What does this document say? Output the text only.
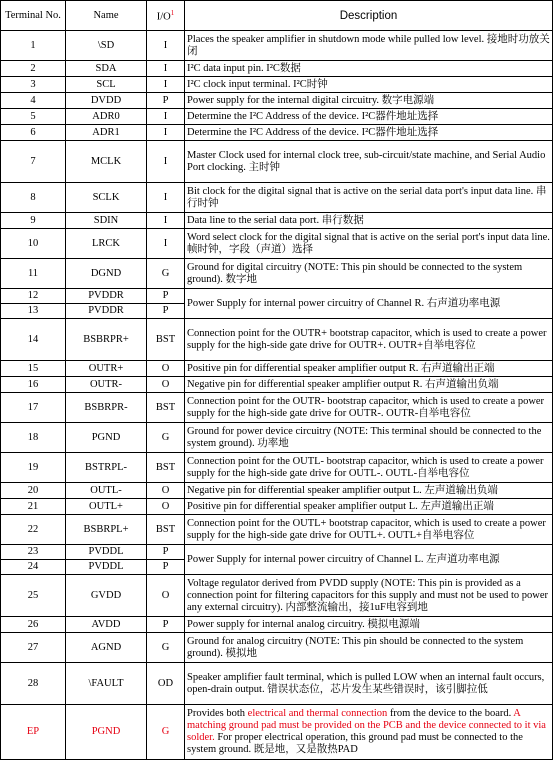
Terminal No.	Name	$I/O^1$	Description
1	\SD	I	Places the speaker amplifier in shutdown mode while pulled low level. 接地时功放关闭
2	SDA	I	I²C data input pin. I²C数据
3	SCL	I	I²C clock input terminal. I²C时钟
4	DVDD	P	Power supply for the internal digital circuitry. 数字电源端
5	ADR0	I	Determine the I²C Address of the device. I²C器件地址选择
6	ADR1	I	Determine the I²C Address of the device. I²C器件地址选择
7	MCLK	I	Master Clock used for internal clock tree, sub-circuit/state machine, and Serial Audio Port clocking. 主时钟
8	SCLK	I	Bit clock for the digital signal that is active on the serial data port's input data line. 串行时钟
9	SDIN	I	Data line to the serial data port. 串行数据
10	LRCK	I	Word select clock for the digital signal that is active on the serial port's input data line. 帧时钟，字段（声道）选择
11	DGND	G	Ground for digital circuitry (NOTE: This pin should be connected to the system ground). 数字地
12	PVDDR	P	Power Supply for internal power circuitry of Channel R. 右声道功率电源
13	PVDDR	P	
14	BSBRPR+	BST	Connection point for the OUTR+ bootstrap capacitor, which is used to create a power supply for the high-side gate drive for OUTR+. OUTR+自举电容位
15	OUTR+	O	Positive pin for differential speaker amplifier output R. 右声道输出正端
16	OUTR-	O	Negative pin for differential speaker amplifier output R. 右声道输出负端
17	BSBRPR-	BST	Connection point for the OUTR- bootstrap capacitor, which is used to create a power supply for the high-side gate drive for OUTR-. OUTR-自举电容位
18	PGND	G	Ground for power device circuitry (NOTE: This terminal should be connected to the system ground). 功率地
19	BSTRPL-	BST	Connection point for the OUTL- bootstrap capacitor, which is used to create a power supply for the high-side gate drive for OUTL-. OUTL-自举电容位
20	OUTL-	O	Negative pin for differential speaker amplifier output L. 左声道输出负端
21	OUTL+	O	Positive pin for differential speaker amplifier output L. 左声道输出正端
22	BSBRPL+	BST	Connection point for the OUTL+ bootstrap capacitor, which is used to create a power supply for the high-side gate drive for OUTL+. OUTL+自举电容位
23	PVDDL	P	Power Supply for internal power circuitry of Channel L. 左声道功率电源
24	PVDDL	P	
25	GVDD	O	Voltage regulator derived from PVDD supply (NOTE: This pin is provided as a connection point for filtering capacitors for this supply and must not be used to power any external circuitry). 内部整流输出，接1uF电容到地
26	AVDD	P	Power supply for internal analog circuitry. 模拟电源端
27	AGND	G	Ground for analog circuitry (NOTE: This pin should be connected to the system ground). 模拟地
28	\FAULT	OD	Speaker amplifier fault terminal, which is pulled LOW when an internal fault occurs, open-drain output. 错误状态位，芯片发生某些错误时，该引脚拉低
EP	PGND	G	Provides both electrical and thermal connection from the device to the board. A matching ground pad must be provided on the PCB and the device connected to it via solder. For proper electrical operation, this ground pad must be connected to the system ground. 既是地，又是散热PAD
